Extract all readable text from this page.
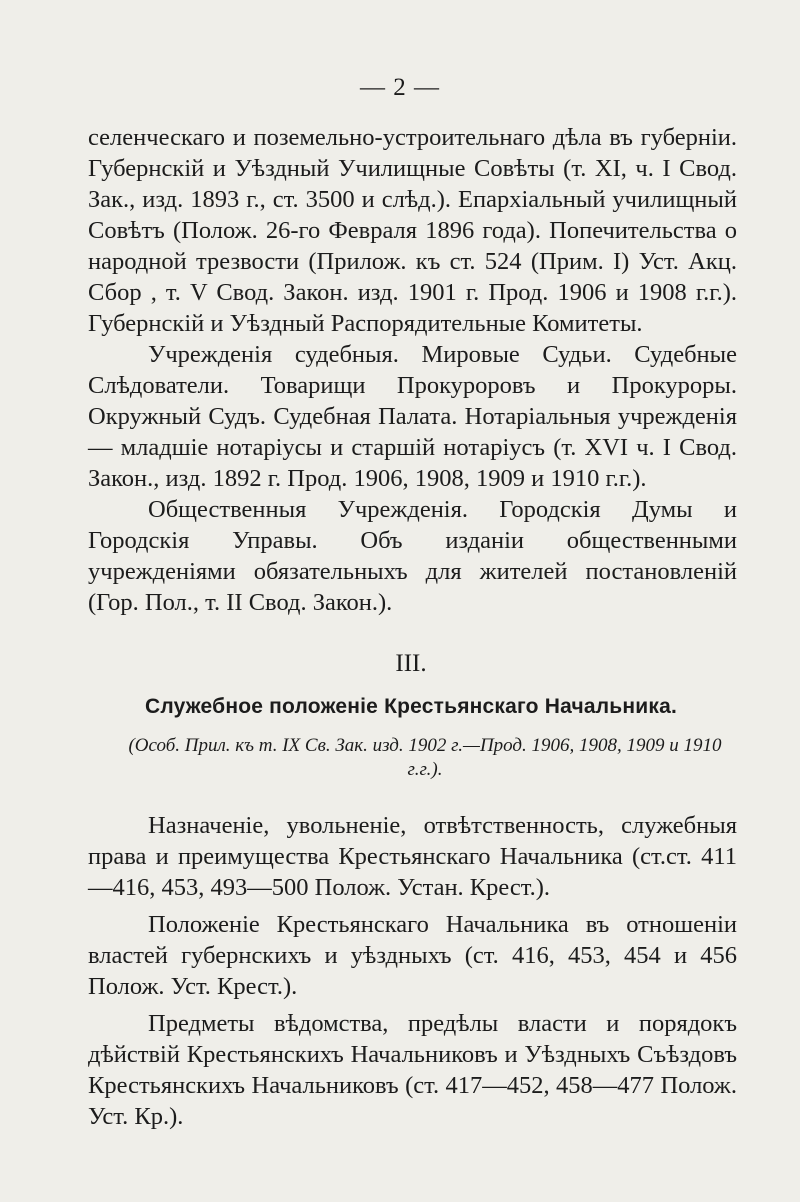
— 2 —

селенческаго и поземельно-устроительнаго дѣла въ губерніи. Губернскій и Уѣздный Училищные Совѣты (т. XI, ч. I Свод. Зак., изд. 1893 г., ст. 3500 и слѣд.). Епархіальный училищный Совѣтъ (Полож. 26-го Февраля 1896 года). Попечительства о народной трезвости (Прилож. къ ст. 524 (Прим. I) Уст. Акц. Сбор , т. V Свод. Закон. изд. 1901 г. Прод. 1906 и 1908 г.г.). Губернскій и Уѣздный Распорядительные Комитеты.

Учрежденія судебныя. Мировые Судьи. Судебные Слѣдователи. Товарищи Прокуроровъ и Прокуроры. Окружный Судъ. Судебная Палата. Нотаріальныя учрежденія — младшіе нотаріусы и старшій нотаріусъ (т. XVI ч. I Свод. Закон., изд. 1892 г. Прод. 1906, 1908, 1909 и 1910 г.г.).

Общественныя Учрежденія. Городскія Думы и Городскія Управы. Объ изданіи общественными учрежденіями обязательныхъ для жителей постановленій (Гор. Пол., т. II Свод. Закон.).

III.
Служебное положеніе Крестьянскаго Начальника.
(Особ. Прил. къ т. IX Св. Зак. изд. 1902 г.—Прод. 1906, 1908, 1909 и 1910 г.г.).

Назначеніе, увольненіе, отвѣтственность, служебныя права и преимущества Крестьянскаго Начальника (ст.ст. 411—416, 453, 493—500 Полож. Устан. Крест.).

Положеніе Крестьянскаго Начальника въ отношеніи властей губернскихъ и уѣздныхъ (ст. 416, 453, 454 и 456 Полож. Уст. Крест.).

Предметы вѣдомства, предѣлы власти и порядокъ дѣйствій Крестьянскихъ Начальниковъ и Уѣздныхъ Съѣздовъ Крестьянскихъ Начальниковъ (ст. 417—452, 458—477 Полож. Уст. Кр.).
